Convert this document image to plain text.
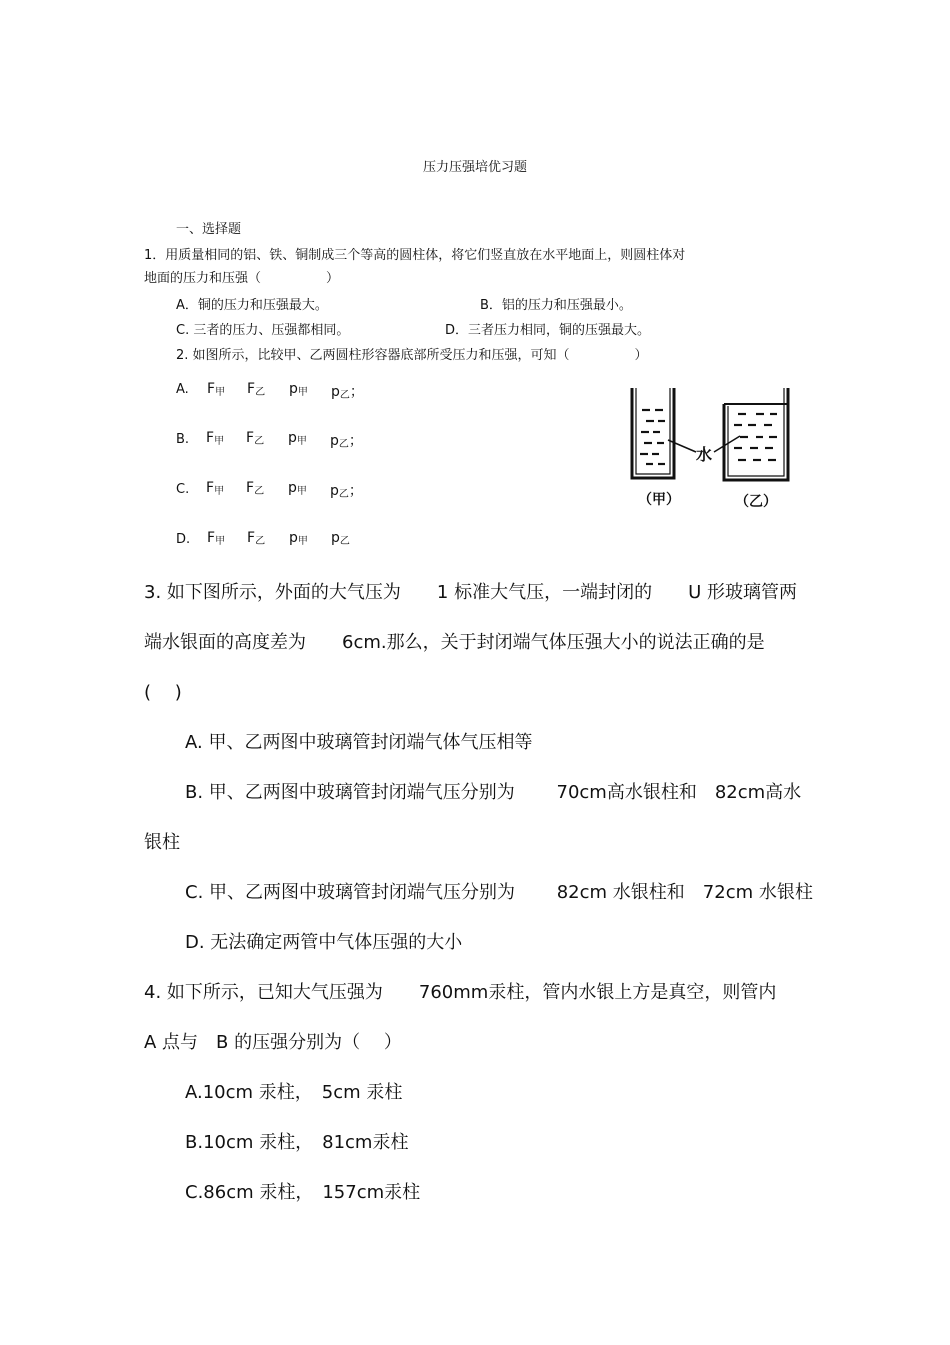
压力压强培优习题
一、选择题
1．用质量相同的铝、铁、铜制成三个等高的圆柱体，将它们竖直放在水平地面上，则圆柱体对
地面的压力和压强（　　　　　）
A．铜的压力和压强最大。	B．铝的压力和压强最小。
C. 三者的压力、压强都相同。	D．三者压力相同，铜的压强最大。
2. 如图所示，比较甲、乙两圆柱形容器底部所受压力和压强，可知（　　　　　）
A. $F_甲$ $F_乙$ $p_甲$ $p_乙$；
B. $F_甲$ $F_乙$ $p_甲$ $p_乙$；
C. $F_甲$ $F_乙$ $p_甲$ $p_乙$；
D. $F_甲$ $F_乙$ $p_甲$ $p_乙$
水
（甲）	（乙）
3. 如下图所示，外面的大气压为　　1 标准大气压，一端封闭的　　U 形玻璃管两
端水银面的高度差为　　6cm.那么，关于封闭端气体压强大小的说法正确的是
(　 )
A. 甲、乙两图中玻璃管封闭端气体气压相等
B. 甲、乙两图中玻璃管封闭端气压分别为　　 70cm高水银柱和　82cm高水
银柱
C. 甲、乙两图中玻璃管封闭端气压分别为　　 82cm 水银柱和　72cm 水银柱
D. 无法确定两管中气体压强的大小
4. 如下所示，已知大气压强为　　760mm汞柱，管内水银上方是真空，则管内
A 点与　B 的压强分别为（　 ）
A.10cm 汞柱，　5cm 汞柱
B.10cm 汞柱，　81cm汞柱
C.86cm 汞柱，　157cm汞柱
